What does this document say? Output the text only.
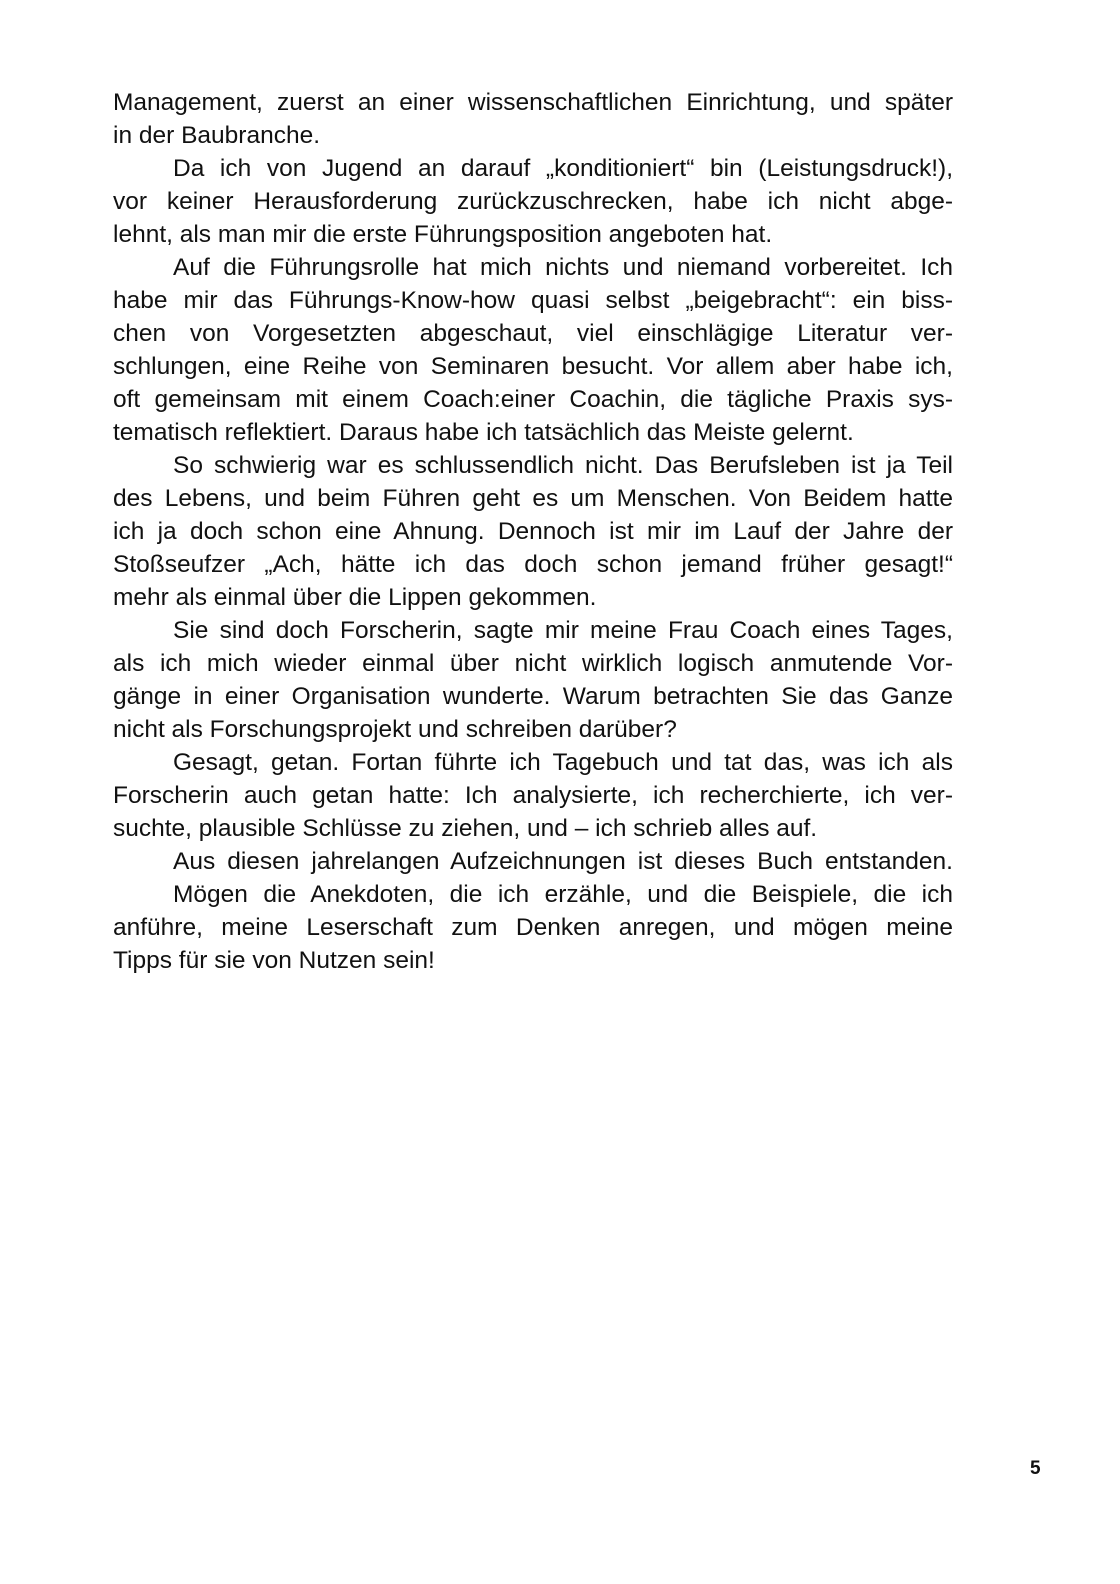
Management, zuerst an einer wissenschaftlichen Einrichtung, und später
in der Baubranche.
Da ich von Jugend an darauf „konditioniert“ bin (Leistungsdruck!),
vor keiner Herausforderung zurückzuschrecken, habe ich nicht abge-
lehnt, als man mir die erste Führungsposition angeboten hat.
Auf die Führungsrolle hat mich nichts und niemand vorbereitet. Ich
habe mir das Führungs-Know-how quasi selbst „beigebracht“: ein biss-
chen von Vorgesetzten abgeschaut, viel einschlägige Literatur ver-
schlungen, eine Reihe von Seminaren besucht. Vor allem aber habe ich,
oft gemeinsam mit einem Coach:einer Coachin, die tägliche Praxis sys-
tematisch reflektiert. Daraus habe ich tatsächlich das Meiste gelernt.
So schwierig war es schlussendlich nicht. Das Berufsleben ist ja Teil
des Lebens, und beim Führen geht es um Menschen. Von Beidem hatte
ich ja doch schon eine Ahnung. Dennoch ist mir im Lauf der Jahre der
Stoßseufzer „Ach, hätte ich das doch schon jemand früher gesagt!“
mehr als einmal über die Lippen gekommen.
Sie sind doch Forscherin, sagte mir meine Frau Coach eines Tages,
als ich mich wieder einmal über nicht wirklich logisch anmutende Vor-
gänge in einer Organisation wunderte. Warum betrachten Sie das Ganze
nicht als Forschungsprojekt und schreiben darüber?
Gesagt, getan. Fortan führte ich Tagebuch und tat das, was ich als
Forscherin auch getan hatte: Ich analysierte, ich recherchierte, ich ver-
suchte, plausible Schlüsse zu ziehen, und – ich schrieb alles auf.
Aus diesen jahrelangen Aufzeichnungen ist dieses Buch entstanden.
Mögen die Anekdoten, die ich erzähle, und die Beispiele, die ich
anführe, meine Leserschaft zum Denken anregen, und mögen meine
Tipps für sie von Nutzen sein!
5
